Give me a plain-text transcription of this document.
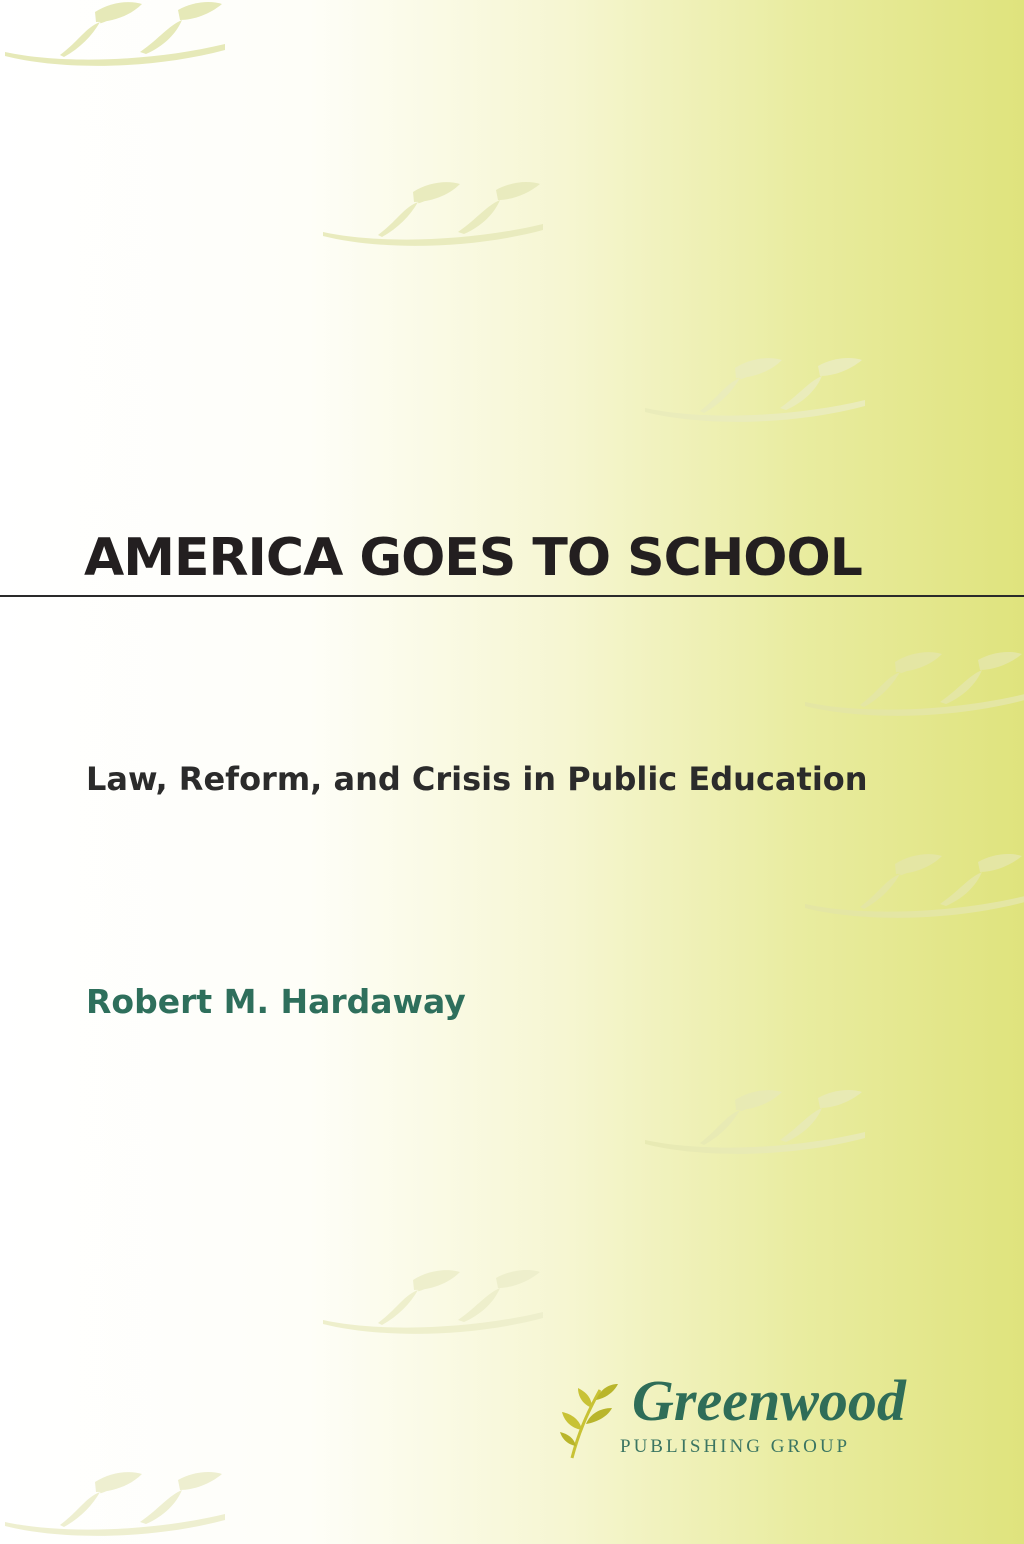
AMERICA GOES TO SCHOOL
Law, Reform, and Crisis in Public Education
Robert M. Hardaway
Greenwood
PUBLISHING GROUP
